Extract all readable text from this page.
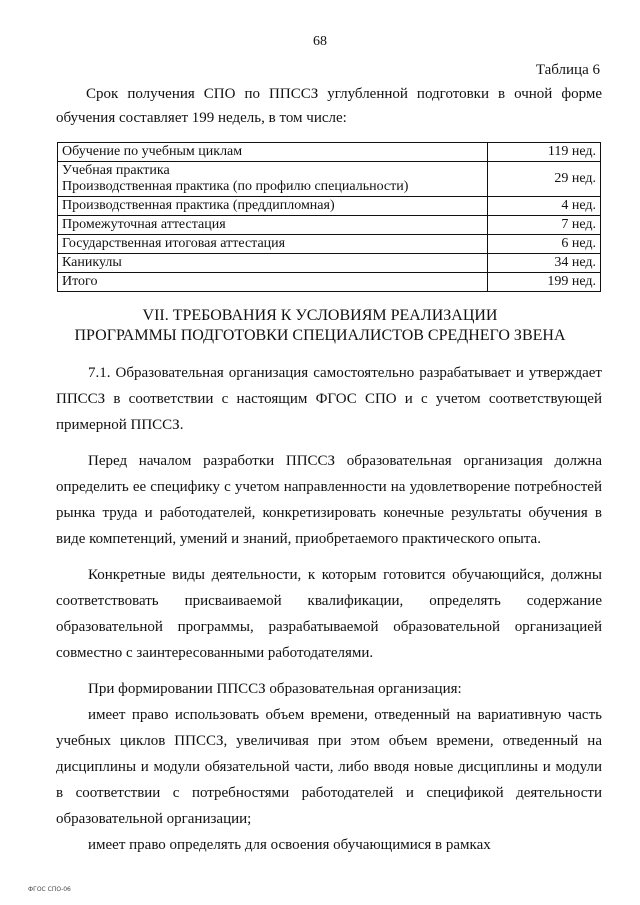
68
Таблица 6
Срок получения СПО по ППССЗ углубленной подготовки в очной форме
обучения составляет 199 недель, в том числе:
Обучение по учебным циклам	119 нед.

Учебная практика
Производственная практика (по профилю специальности)	29 нед.
Производственная практика (преддипломная)	4 нед.
Промежуточная аттестация	7 нед.
Государственная итоговая аттестация	6 нед.
Каникулы	34 нед.
Итого	199 нед.
VII. ТРЕБОВАНИЯ К УСЛОВИЯМ РЕАЛИЗАЦИИ
ПРОГРАММЫ ПОДГОТОВКИ СПЕЦИАЛИСТОВ СРЕДНЕГО ЗВЕНА

7.1. Образовательная организация самостоятельно разрабатывает и утверждает ППССЗ в соответствии с настоящим ФГОС СПО и с учетом соответствующей примерной ППССЗ.

Перед началом разработки ППССЗ образовательная организация должна определить ее специфику с учетом направленности на удовлетворение потребностей рынка труда и работодателей, конкретизировать конечные результаты обучения в виде компетенций, умений и знаний, приобретаемого практического опыта.

Конкретные виды деятельности, к которым готовится обучающийся, должны соответствовать присваиваемой квалификации, определять содержание образовательной программы, разрабатываемой образовательной организацией совместно с заинтересованными работодателями.

При формировании ППССЗ образовательная организация:

имеет право использовать объем времени, отведенный на вариативную часть учебных циклов ППССЗ, увеличивая при этом объем времени, отведенный на дисциплины и модули обязательной части, либо вводя новые дисциплины и модули в соответствии с потребностями работодателей и спецификой деятельности образовательной организации;

имеет право определять для освоения обучающимися в рамках

ФГОС СПО-06
